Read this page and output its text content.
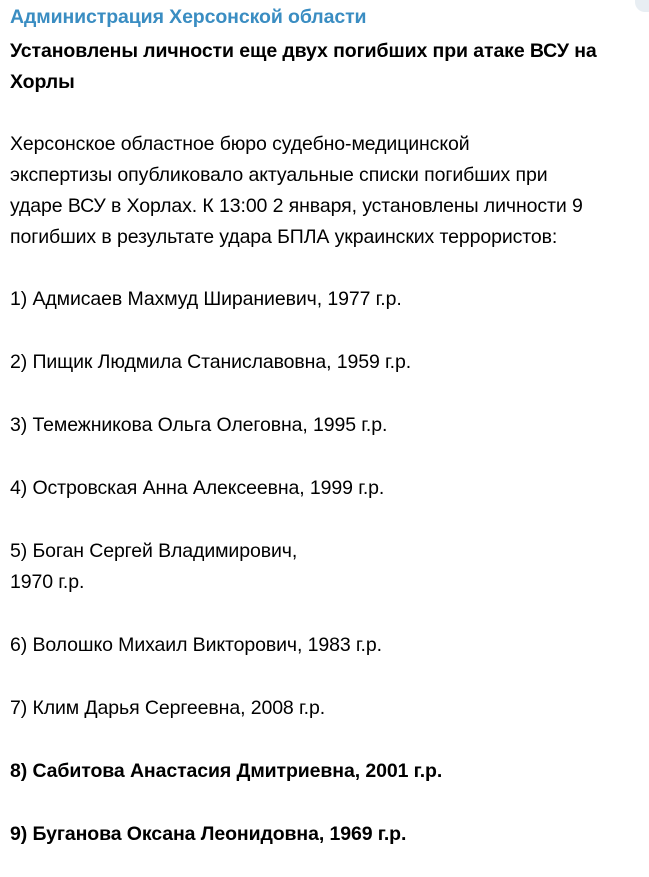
Администрация Херсонской области

Установлены личности еще двух погибших при атаке ВСУ на
Хорлы

Херсонское областное бюро судебно-медицинской
экспертизы опубликовало актуальные списки погибших при
ударе ВСУ в Хорлах. К 13:00 2 января, установлены личности 9
погибших в результате удара БПЛА украинских террористов:

1) Адмисаев Махмуд Шираниевич, 1977 г.р.
2) Пищик Людмила Станиславовна, 1959 г.р.
3) Темежникова Ольга Олеговна, 1995 г.р.
4) Островская Анна Алексеевна, 1999 г.р.
5) Боган Сергей Владимирович,
1970 г.р.
6) Волошко Михаил Викторович, 1983 г.р.
7) Клим Дарья Сергеевна, 2008 г.р.
8) Сабитова Анастасия Дмитриевна, 2001 г.р.
9) Буганова Оксана Леонидовна, 1969 г.р.
